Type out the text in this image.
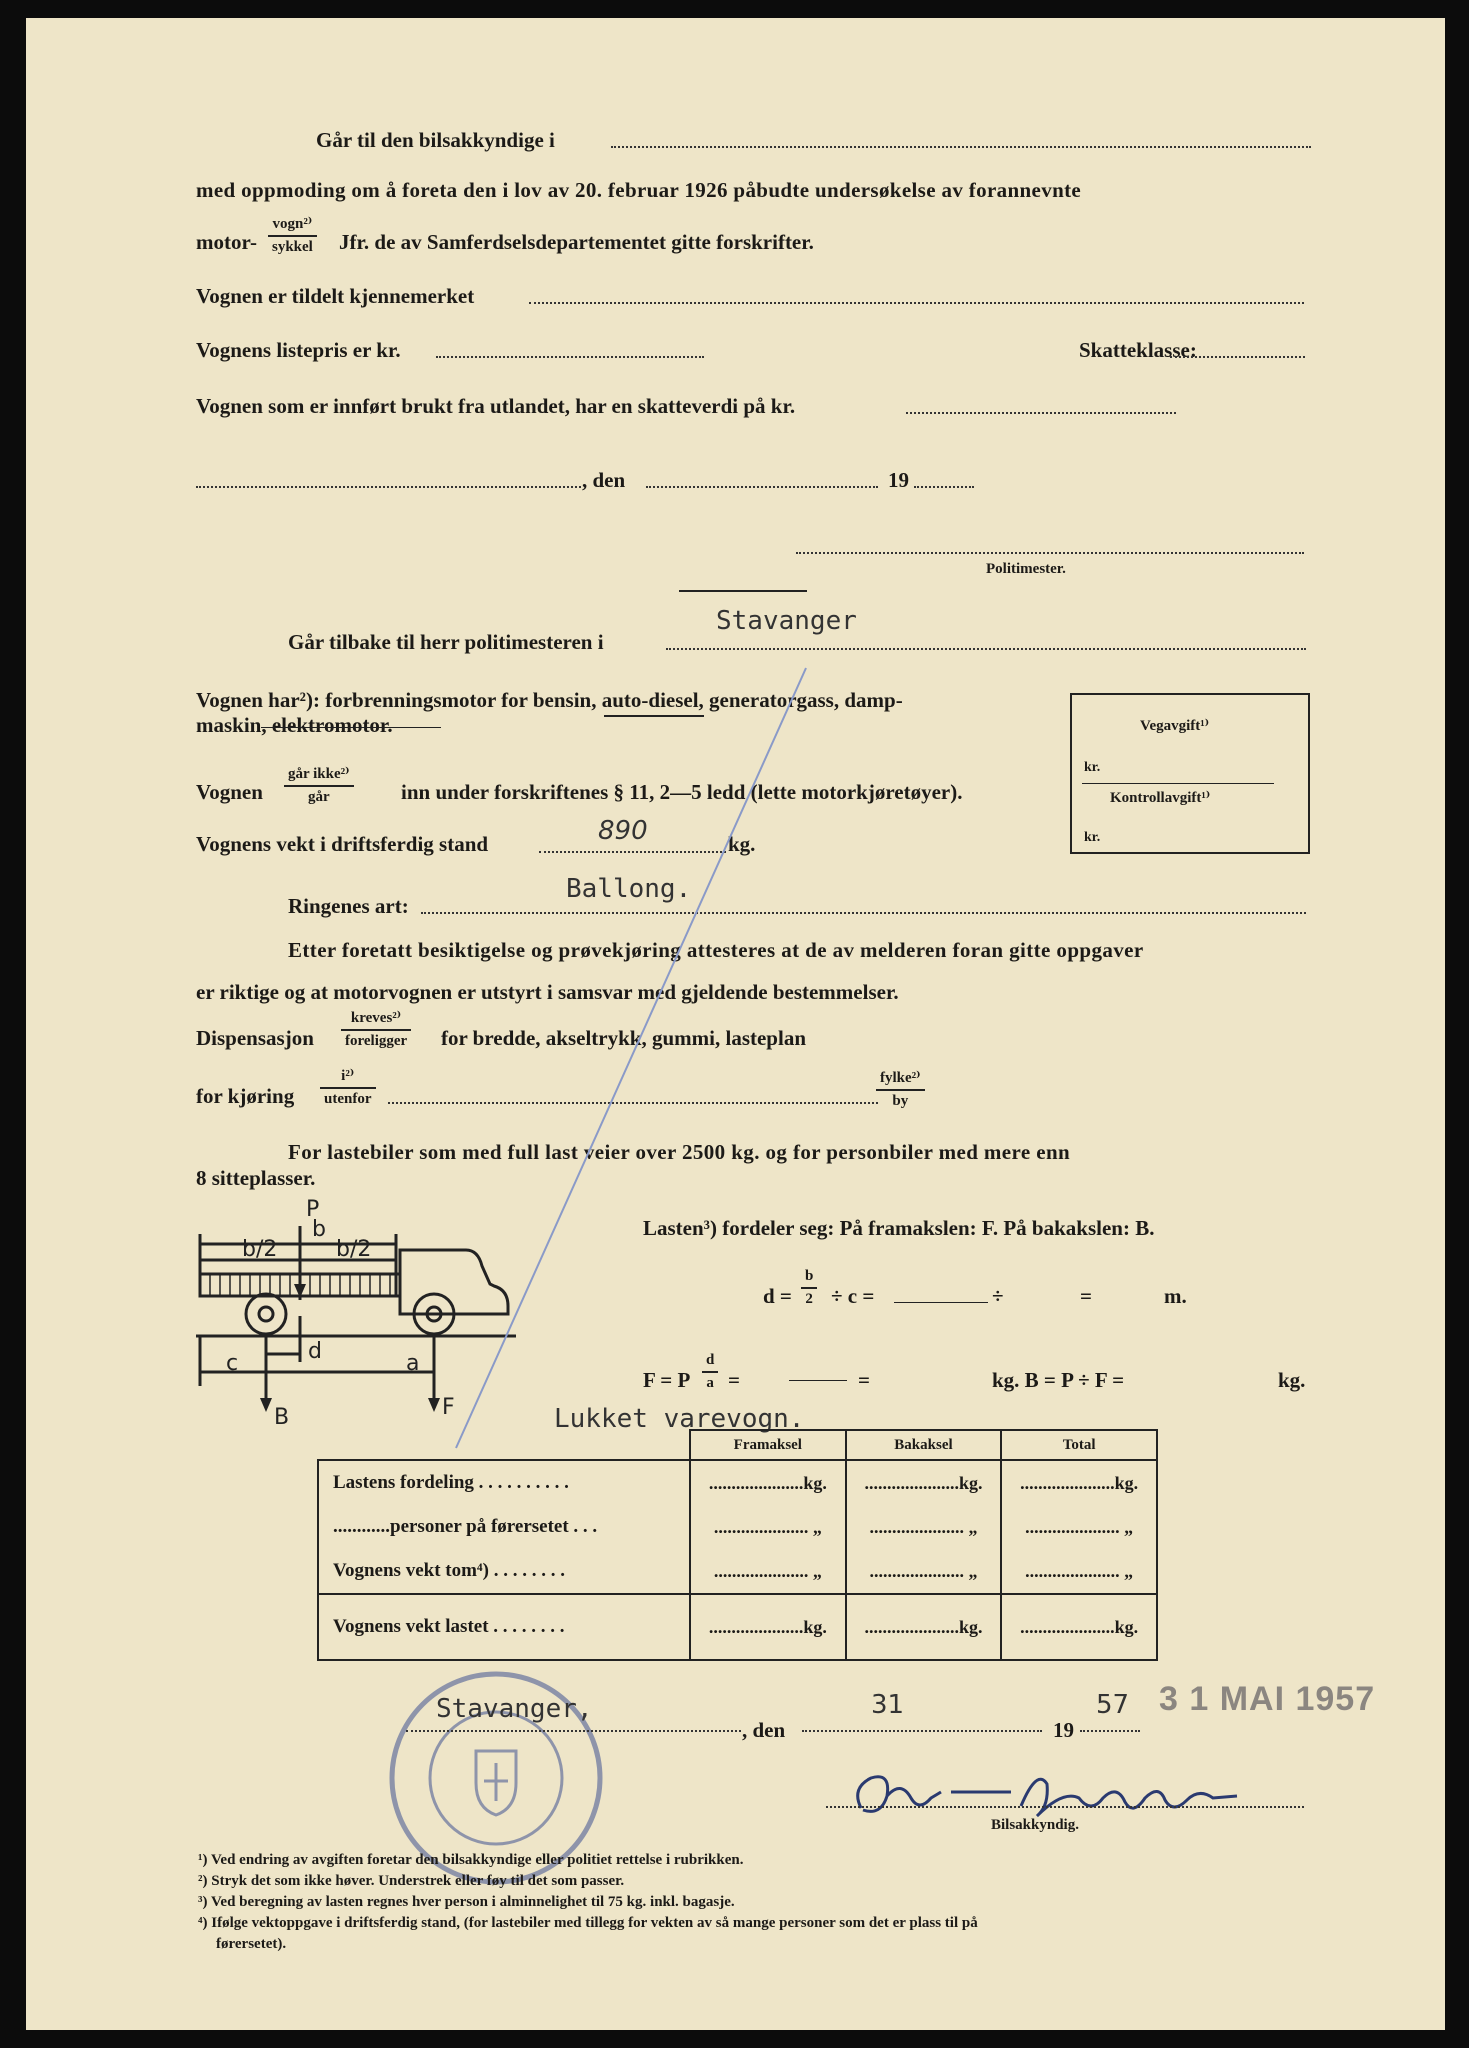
Går til den bilsakkyndige i
med oppmoding om å foreta den i lov av 20. februar 1926 påbudte undersøkelse av forannevnte
motor-
vogn²⁾
sykkel Jfr. de av Samferdselsdepartementet gitte forskrifter.
Vognen er tildelt kjennemerket
Vognens listepris er kr.	Skatteklasse:
Vognen som er innført brukt fra utlandet, har en skatteverdi på kr.
, den	19
Politimester.
Stavanger
Går tilbake til herr politimesteren i
Vognen har²): forbrenningsmotor for bensin, auto-diesel, generatorgass, damp-
maskin, elektromotor.
Vognen
går ikke²⁾
går	inn under forskriftenes § 11, 2—5 ledd (lette motorkjøretøyer).
Vognens vekt i driftsferdig stand	890	kg.
Ballong.
Ringenes art:
Vegavgift¹⁾
kr.
Kontrollavgift¹⁾
kr.
Etter foretatt besiktigelse og prøvekjøring attesteres at de av melderen foran gitte oppgaver
er riktige og at motorvognen er utstyrt i samsvar med gjeldende bestemmelser.
Dispensasjon
kreves²⁾
foreligger for bredde, akseltrykk, gummi, lasteplan
for kjøring
i²⁾
utenfor
fylke²⁾
by
For lastebiler som med full last veier over 2500 kg. og for personbiler med mere enn
8 sitteplasser.
P
b
b/2	b/2
d
c	a
B	F
Lasten³) fordeler seg: På framakslen: F. På bakakslen: B.
$d = \frac{b}{2} \div c$ =	÷	=	m.
F = P $\frac{d}{a}$ =	=	kg. B = P ÷ F =	kg.
Lukket varevogn.
	Framaksel	Bakaksel	Total
Lastens fordeling . . . . . . . . . .	.....................kg.	.....................kg.	.....................kg.
............personer på førersetet . . .	..................... „	..................... „	..................... „
Vognens vekt tom⁴) . . . . . . . .	..................... „	..................... „	..................... „
Vognens vekt lastet . . . . . . . .	.....................kg.	.....................kg.	.....................kg.
3 1 MAI 1957
Stavanger,
, den
31
19
57
Bilsakkyndig.
¹) Ved endring av avgiften foretar den bilsakkyndige eller politiet rettelse i rubrikken.
²) Stryk det som ikke høver. Understrek eller føy til det som passer.
³) Ved beregning av lasten regnes hver person i alminnelighet til 75 kg. inkl. bagasje.
⁴) Ifølge vektoppgave i driftsferdig stand, (for lastebiler med tillegg for vekten av så mange personer som det er plass til på
førersetet).
